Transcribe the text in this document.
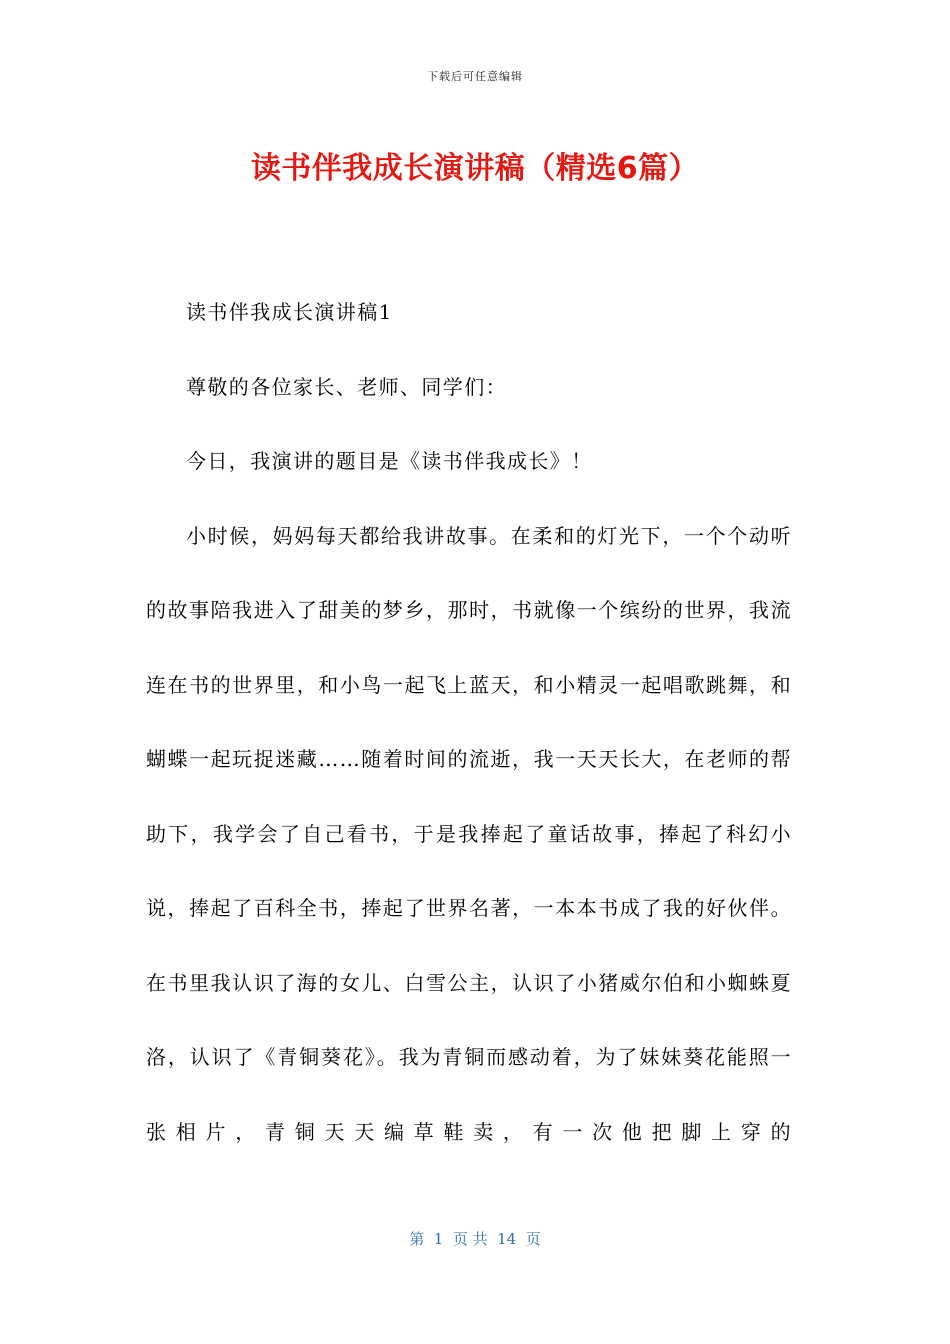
下载后可任意编辑
读书伴我成长演讲稿（精选6篇）

读书伴我成长演讲稿1

尊敬的各位家长、老师、同学们：

今日，我演讲的题目是《读书伴我成长》！

小时候，妈妈每天都给我讲故事。在柔和的灯光下，一个个动听的故事陪我进入了甜美的梦乡，那时，书就像一个缤纷的世界，我流连在书的世界里，和小鸟一起飞上蓝天，和小精灵一起唱歌跳舞，和蝴蝶一起玩捉迷藏……随着时间的流逝，我一天天长大，在老师的帮助下，我学会了自己看书，于是我捧起了童话故事，捧起了科幻小说，捧起了百科全书，捧起了世界名著，一本本书成了我的好伙伴。在书里我认识了海的女儿、白雪公主，认识了小猪威尔伯和小蜘蛛夏洛，认识了《青铜葵花》。我为青铜而感动着，为了妹妹葵花能照一张相片，青铜天天编草鞋卖，有一次他把脚上穿的

第  1  页 共  14  页
